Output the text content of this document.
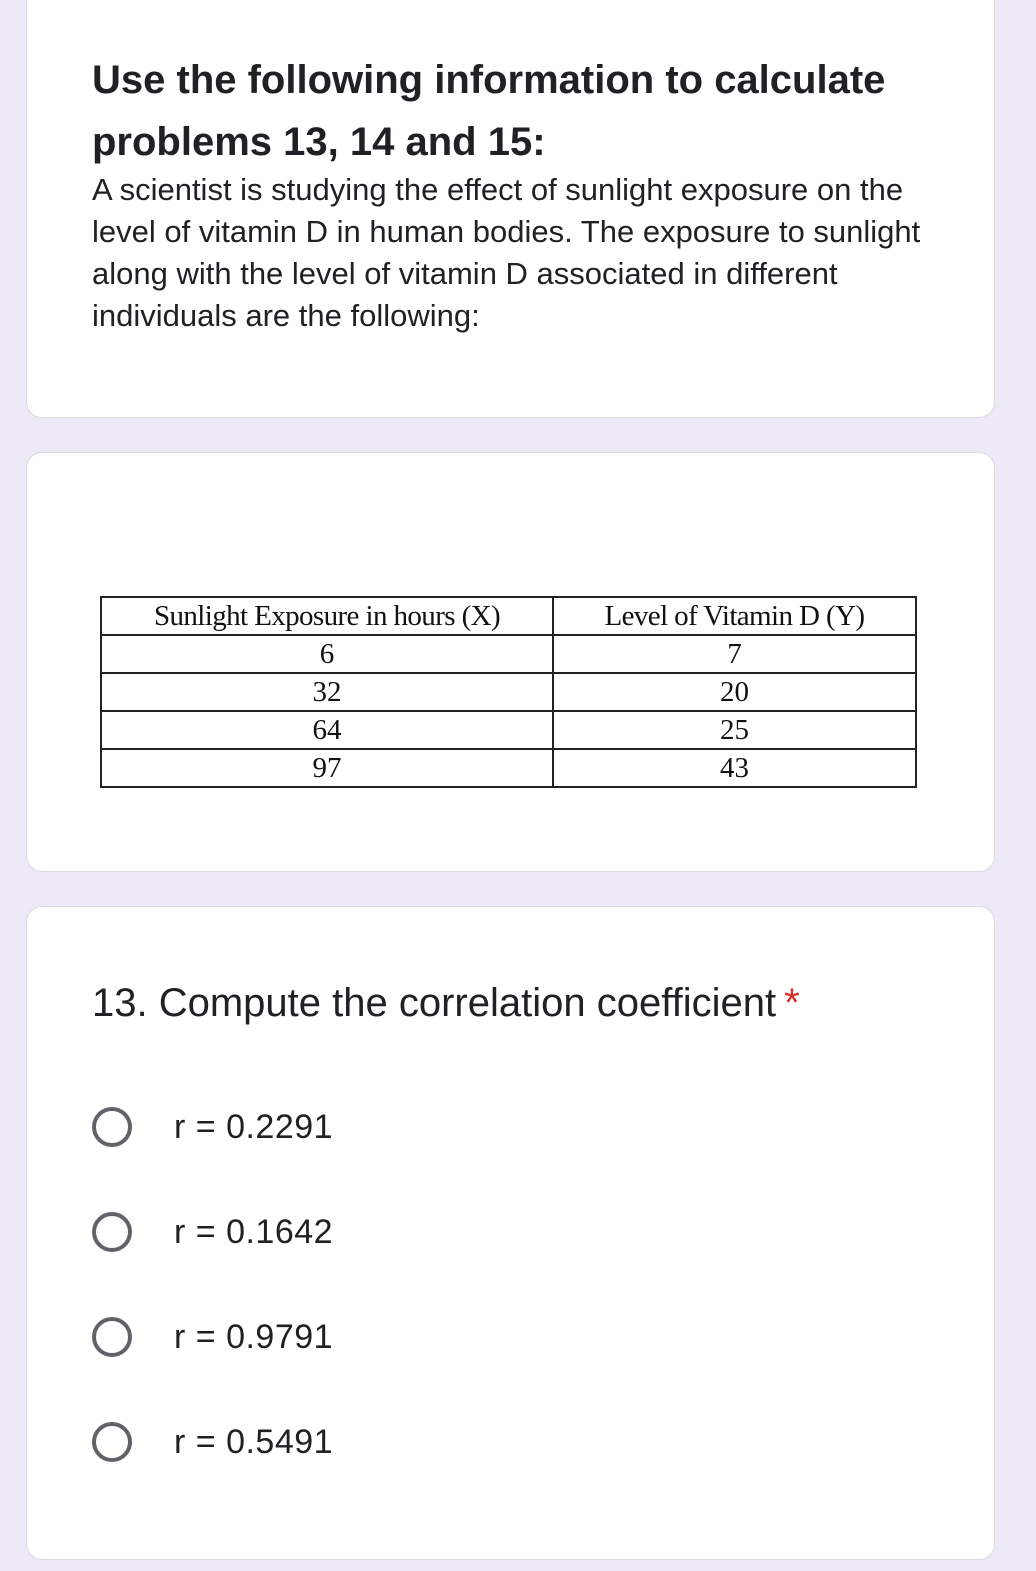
Use the following information to calculate problems 13, 14 and 15:

A scientist is studying the effect of sunlight exposure on the level of vitamin D in human bodies. The exposure to sunlight along with the level of vitamin D associated in different individuals are the following:

Sunlight Exposure in hours (X)	Level of Vitamin D (Y)
6	7
32	20
64	25
97	43
13. Compute the correlation coefficient *
r = 0.2291
r = 0.1642
r = 0.9791
r = 0.5491
